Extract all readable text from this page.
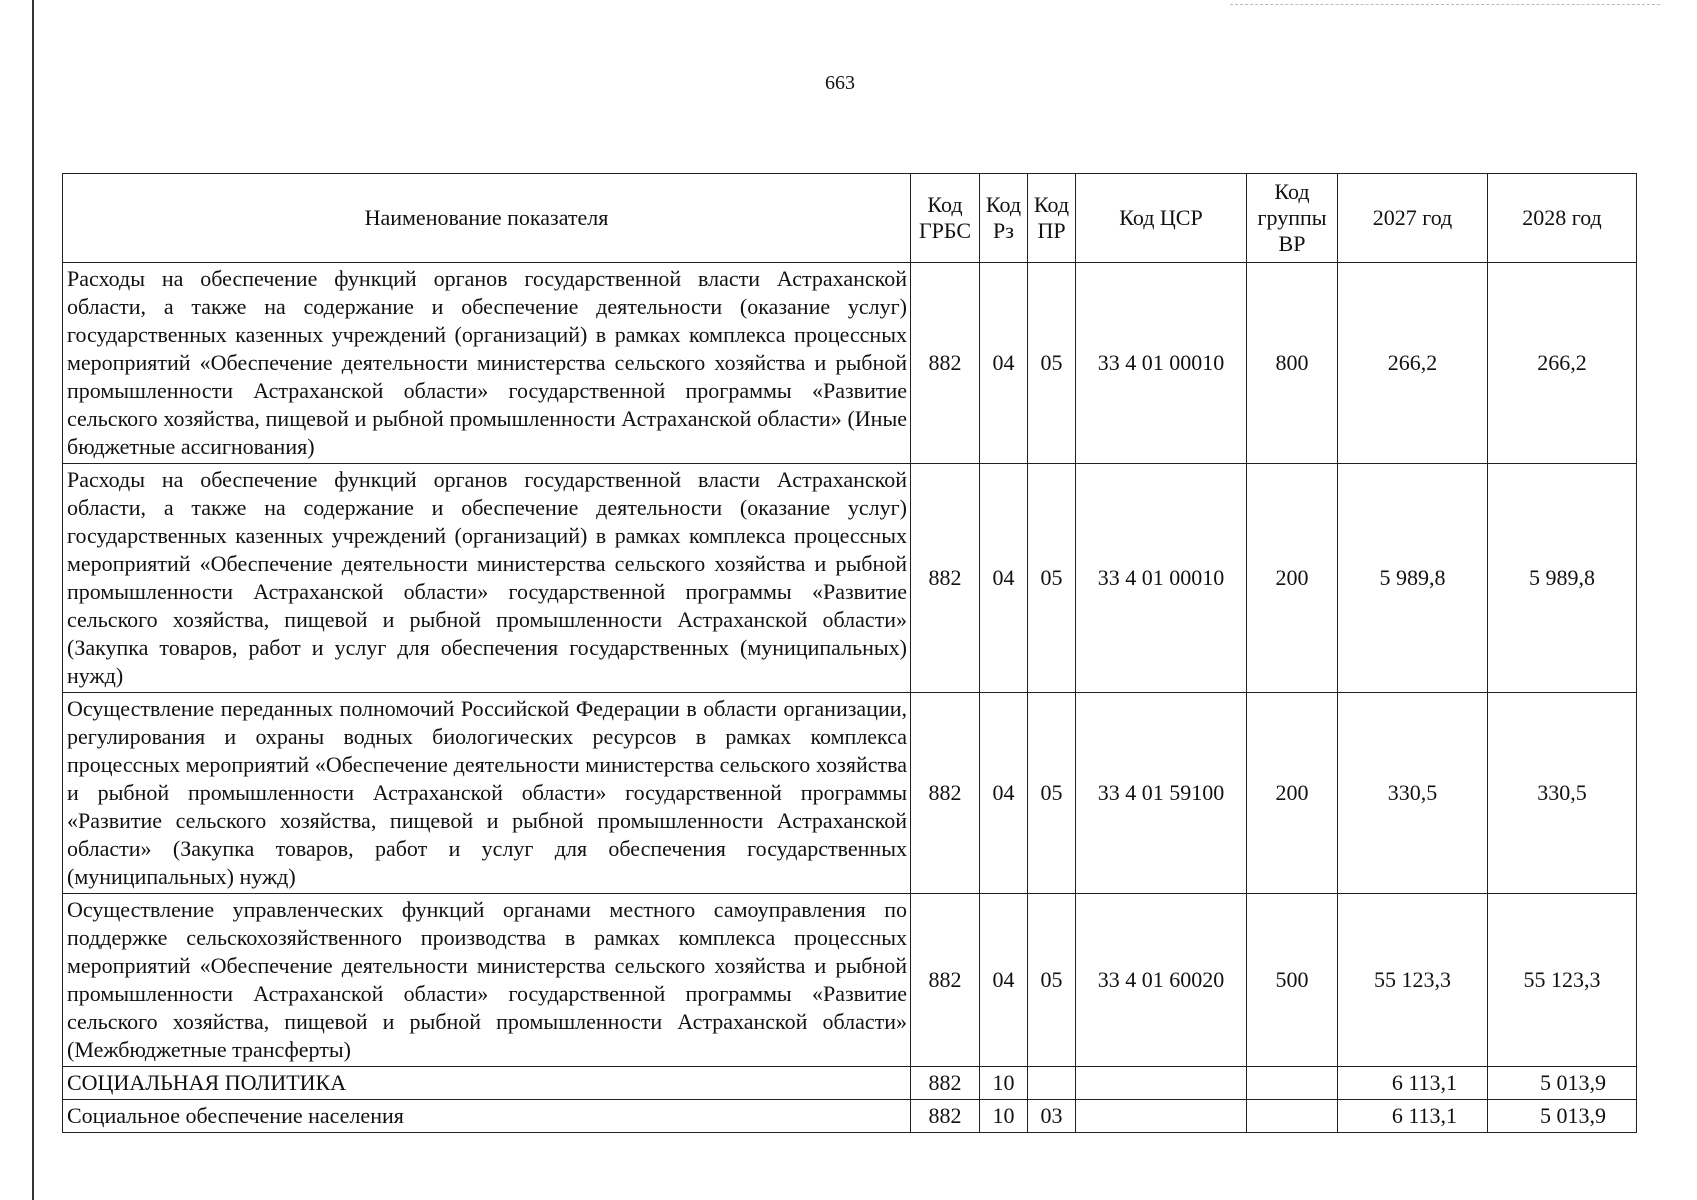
663
Наименование показателя	Код ГРБС	Код Рз	Код ПР	Код ЦСР	Код группы ВР	2027 год	2028 год
Расходы на обеспечение функций органов государственной власти Астраханской области, а также на содержание и обеспечение деятельности (оказание услуг) государственных казенных учреждений (организаций) в рамках комплекса процессных мероприятий «Обеспечение деятельности министерства сельского хозяйства и рыбной промышленности Астраханской области» государственной программы «Развитие сельского хозяйства, пищевой и рыбной промышленности Астраханской области» (Иные бюджетные ассигнования)	882	04	05	33 4 01 00010	800	266,2	266,2
Расходы на обеспечение функций органов государственной власти Астраханской области, а также на содержание и обеспечение деятельности (оказание услуг) государственных казенных учреждений (организаций) в рамках комплекса процессных мероприятий «Обеспечение деятельности министерства сельского хозяйства и рыбной промышленности Астраханской области» государственной программы «Развитие сельского хозяйства, пищевой и рыбной промышленности Астраханской области» (Закупка товаров, работ и услуг для обеспечения государственных (муниципальных) нужд)	882	04	05	33 4 01 00010	200	5 989,8	5 989,8
Осуществление переданных полномочий Российской Федерации в области организации, регулирования и охраны водных биологических ресурсов в рамках комплекса процессных мероприятий «Обеспечение деятельности министерства сельского хозяйства и рыбной промышленности Астраханской области» государственной программы «Развитие сельского хозяйства, пищевой и рыбной промышленности Астраханской области» (Закупка товаров, работ и услуг для обеспечения государственных (муниципальных) нужд)	882	04	05	33 4 01 59100	200	330,5	330,5
Осуществление управленческих функций органами местного самоуправления по поддержке сельскохозяйственного производства в рамках комплекса процессных мероприятий «Обеспечение деятельности министерства сельского хозяйства и рыбной промышленности Астраханской области» государственной программы «Развитие сельского хозяйства, пищевой и рыбной промышленности Астраханской области» (Межбюджетные трансферты)	882	04	05	33 4 01 60020	500	55 123,3	55 123,3
СОЦИАЛЬНАЯ ПОЛИТИКА	882	10				6 113,1	5 013,9
Социальное обеспечение населения	882	10	03			6 113,1	5 013,9
